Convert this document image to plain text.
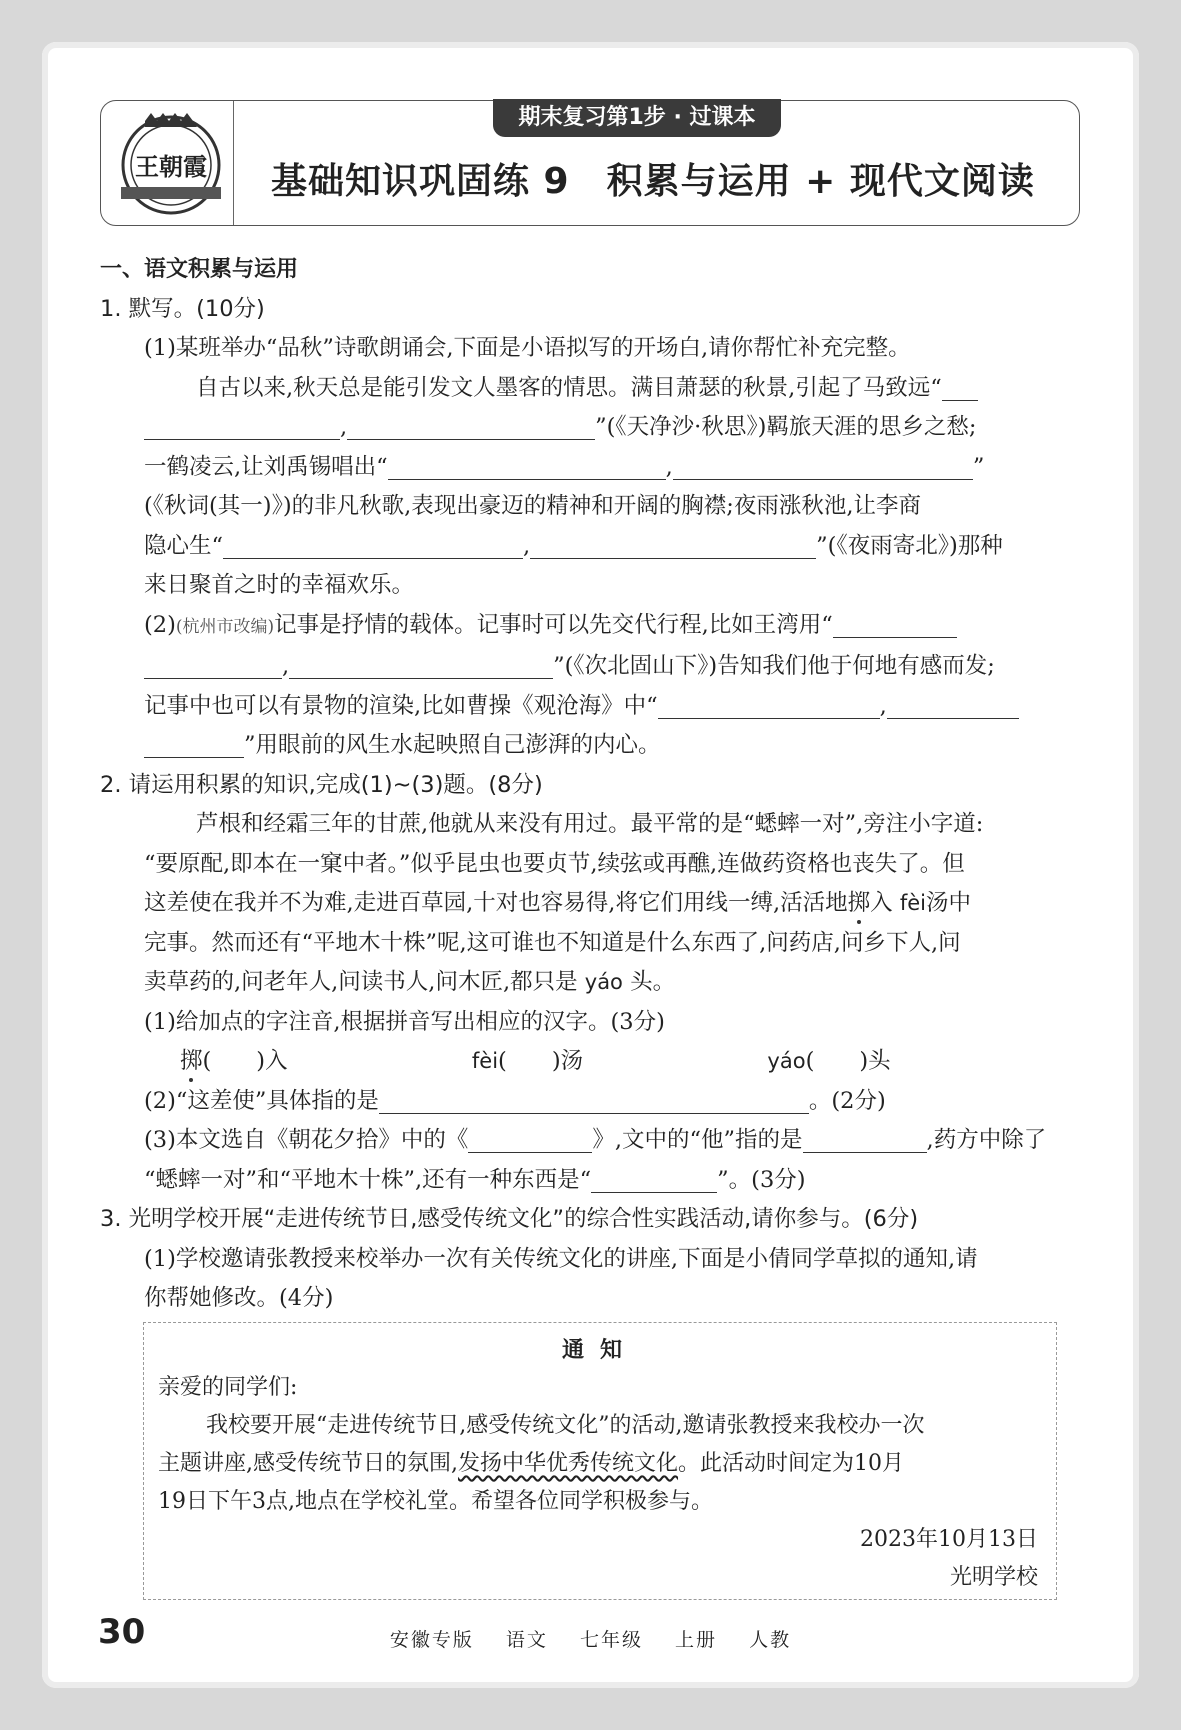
王朝霞
期末复习第1步 · 过课本
基础知识巩固练 9　积累与运用 + 现代文阅读
一、语文积累与运用
1. 默写。(10分)
(1)某班举办“品秋”诗歌朗诵会,下面是小语拟写的开场白,请你帮忙补充完整。
自古以来,秋天总是能引发文人墨客的情思。满目萧瑟的秋景,引起了马致远“
,	”(《天净沙·秋思》)羁旅天涯的思乡之愁;
一鹤凌云,让刘禹锡唱出“	,	”
(《秋词(其一)》)的非凡秋歌,表现出豪迈的精神和开阔的胸襟;夜雨涨秋池,让李商
隐心生“	,	”(《夜雨寄北》)那种
来日聚首之时的幸福欢乐。
(2)(杭州市改编)记事是抒情的载体。记事时可以先交代行程,比如王湾用“
,	”(《次北固山下》)告知我们他于何地有感而发;
记事中也可以有景物的渲染,比如曹操《观沧海》中“	,
”用眼前的风生水起映照自己澎湃的内心。
2. 请运用积累的知识,完成(1)~(3)题。(8分)
芦根和经霜三年的甘蔗,他就从来没有用过。最平常的是“蟋蟀一对”,旁注小字道:
“要原配,即本在一窠中者。”似乎昆虫也要贞节,续弦或再醮,连做药资格也丧失了。但
这差使在我并不为难,走进百草园,十对也容易得,将它们用线一缚,活活地掷入 fèi汤中
完事。然而还有“平地木十株”呢,这可谁也不知道是什么东西了,问药店,问乡下人,问
卖草药的,问老年人,问读书人,问木匠,都只是 yáo 头。
(1)给加点的字注音,根据拼音写出相应的汉字。(3分)
掷(　　)入	fèi(　　)汤	yáo(　　)头
(2)“这差使”具体指的是	。(2分)
(3)本文选自《朝花夕拾》中的《	》,文中的“他”指的是	,药方中除了
“蟋蟀一对”和“平地木十株”,还有一种东西是“	”。(3分)
3. 光明学校开展“走进传统节日,感受传统文化”的综合性实践活动,请你参与。(6分)
(1)学校邀请张教授来校举办一次有关传统文化的讲座,下面是小倩同学草拟的通知,请
你帮她修改。(4分)
通知
亲爱的同学们:
我校要开展“走进传统节日,感受传统文化”的活动,邀请张教授来我校办一次
主题讲座,感受传统节日的氛围,发扬中华优秀传统文化。此活动时间定为10月
19日下午3点,地点在学校礼堂。希望各位同学积极参与。
2023年10月13日
光明学校
30	安徽专版 语文 七年级 上册 人教
